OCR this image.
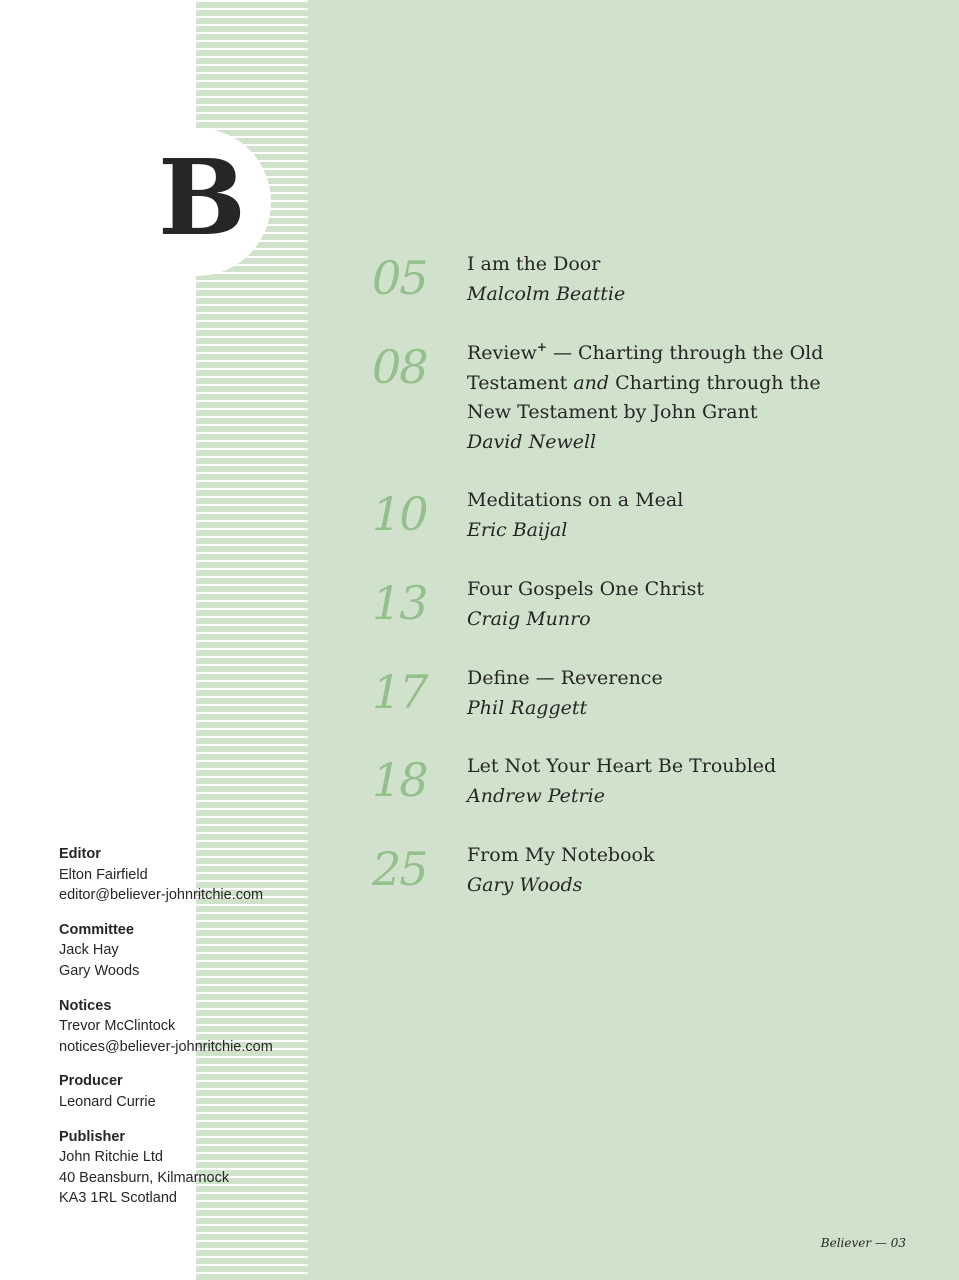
B
05	I am the Door
Malcolm Beattie
08	Review+ — Charting through the Old Testament and Charting through the New Testament by John Grant
David Newell
10	Meditations on a Meal
Eric Baijal
13	Four Gospels One Christ
Craig Munro
17	Define — Reverence
Phil Raggett
18	Let Not Your Heart Be Troubled
Andrew Petrie
25	From My Notebook
Gary Woods
Editor
Elton Fairfield
editor@believer-johnritchie.com
Committee
Jack Hay
Gary Woods
Notices
Trevor McClintock
notices@believer-johnritchie.com
Producer
Leonard Currie
Publisher
John Ritchie Ltd
40 Beansburn, Kilmarnock
KA3 1RL Scotland
Believer — 03
